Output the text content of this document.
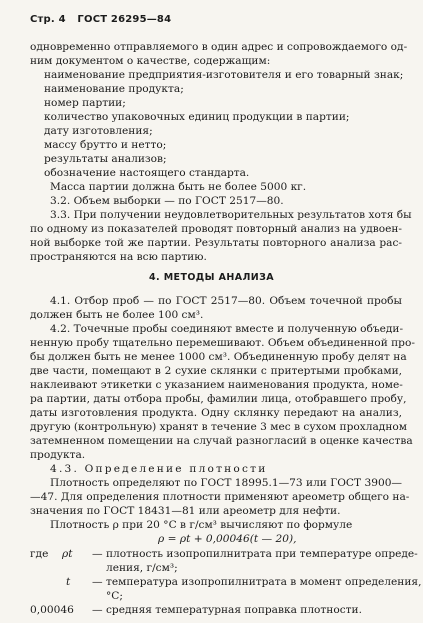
Стр. 4 ГОСТ 26295—84
одновременно отправляемого в один адрес и сопровождаемого од-
ним документом о качестве, содержащим:
наименование предприятия-изготовителя и его товарный знак;
наименование продукта;
номер партии;
количество упаковочных единиц продукции в партии;
дату изготовления;
массу брутто и нетто;
результаты анализов;
обозначение настоящего стандарта.
Масса партии должна быть не более 5000 кг.
3.2. Объем выборки — по ГОСТ 2517—80.
3.3. При получении неудовлетворительных результатов хотя бы
по одному из показателей проводят повторный анализ на удвоен-
ной выборке той же партии. Результаты повторного анализа рас-
пространяются на всю партию.
4. МЕТОДЫ АНАЛИЗА
4.1. Отбор проб — по ГОСТ 2517—80. Объем точечной пробы
должен быть не более 100 см³.
4.2. Точечные пробы соединяют вместе и полученную объеди-
ненную пробу тщательно перемешивают. Объем объединенной про-
бы должен быть не менее 1000 см³. Объединенную пробу делят на
две части, помещают в 2 сухие склянки с притертыми пробками,
наклеивают этикетки с указанием наименования продукта, номе-
ра партии, даты отбора пробы, фамилии лица, отобравшего пробу,
даты изготовления продукта. Одну склянку передают на анализ,
другую (контрольную) хранят в течение 3 мес в сухом прохладном
затемненном помещении на случай разногласий в оценке качества
продукта.
4.3. Определение плотности
Плотность определяют по ГОСТ 18995.1—73 или ГОСТ 3900—
—47. Для определения плотности применяют ареометр общего на-
значения по ГОСТ 18431—81 или ареометр для нефти.
Плотность ρ при 20 °С в г/см³ вычисляют по формуле
ρ = ρt + 0,00046(t — 20),
где ρt — плотность изопропилнитрата при температуре опреде-
ления, г/см³;
t — температура изопропилнитрата в момент определения,
°С;
0,00046 — средняя температурная поправка плотности.
